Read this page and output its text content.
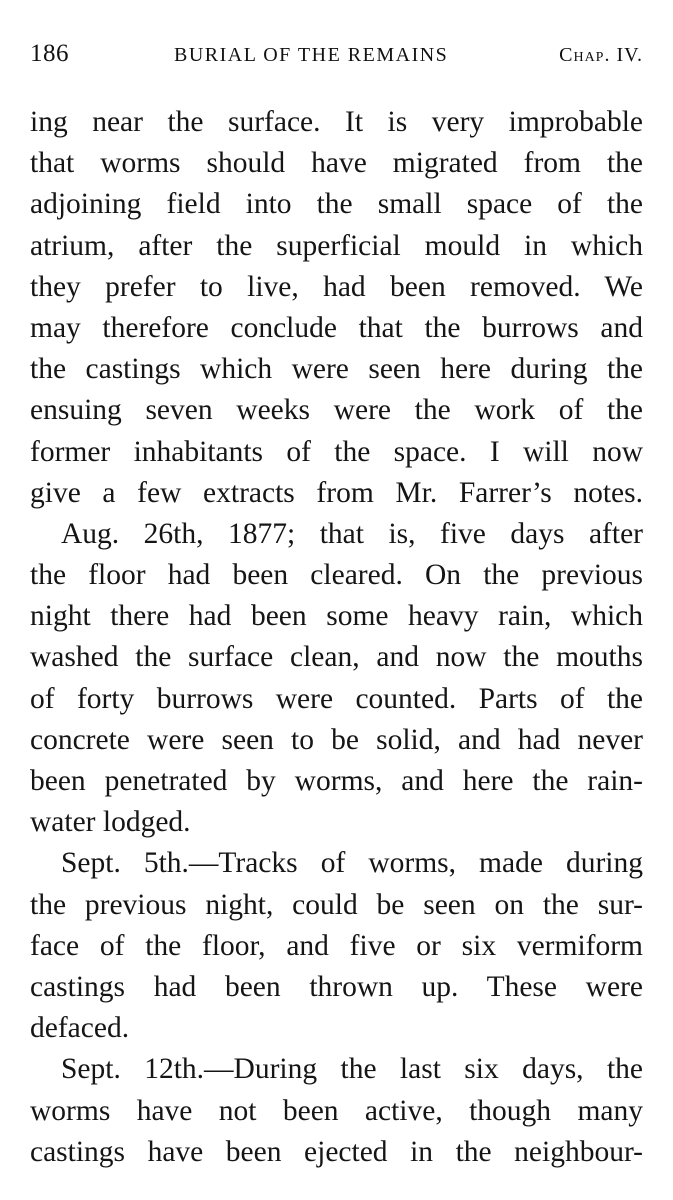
186	BURIAL OF THE REMAINS	Chap. IV.

ing near the surface. It is very improbable
that worms should have migrated from the
adjoining field into the small space of the
atrium, after the superficial mould in which
they prefer to live, had been removed. We
may therefore conclude that the burrows and
the castings which were seen here during the
ensuing seven weeks were the work of the
former inhabitants of the space. I will now
give a few extracts from Mr. Farrer’s notes.

Aug. 26th, 1877; that is, five days after
the floor had been cleared. On the previous
night there had been some heavy rain, which
washed the surface clean, and now the mouths
of forty burrows were counted. Parts of the
concrete were seen to be solid, and had never
been penetrated by worms, and here the rain-
water lodged.

Sept. 5th.—Tracks of worms, made during
the previous night, could be seen on the sur-
face of the floor, and five or six vermiform
castings had been thrown up. These were
defaced.

Sept. 12th.—During the last six days, the
worms have not been active, though many
castings have been ejected in the neighbour-
